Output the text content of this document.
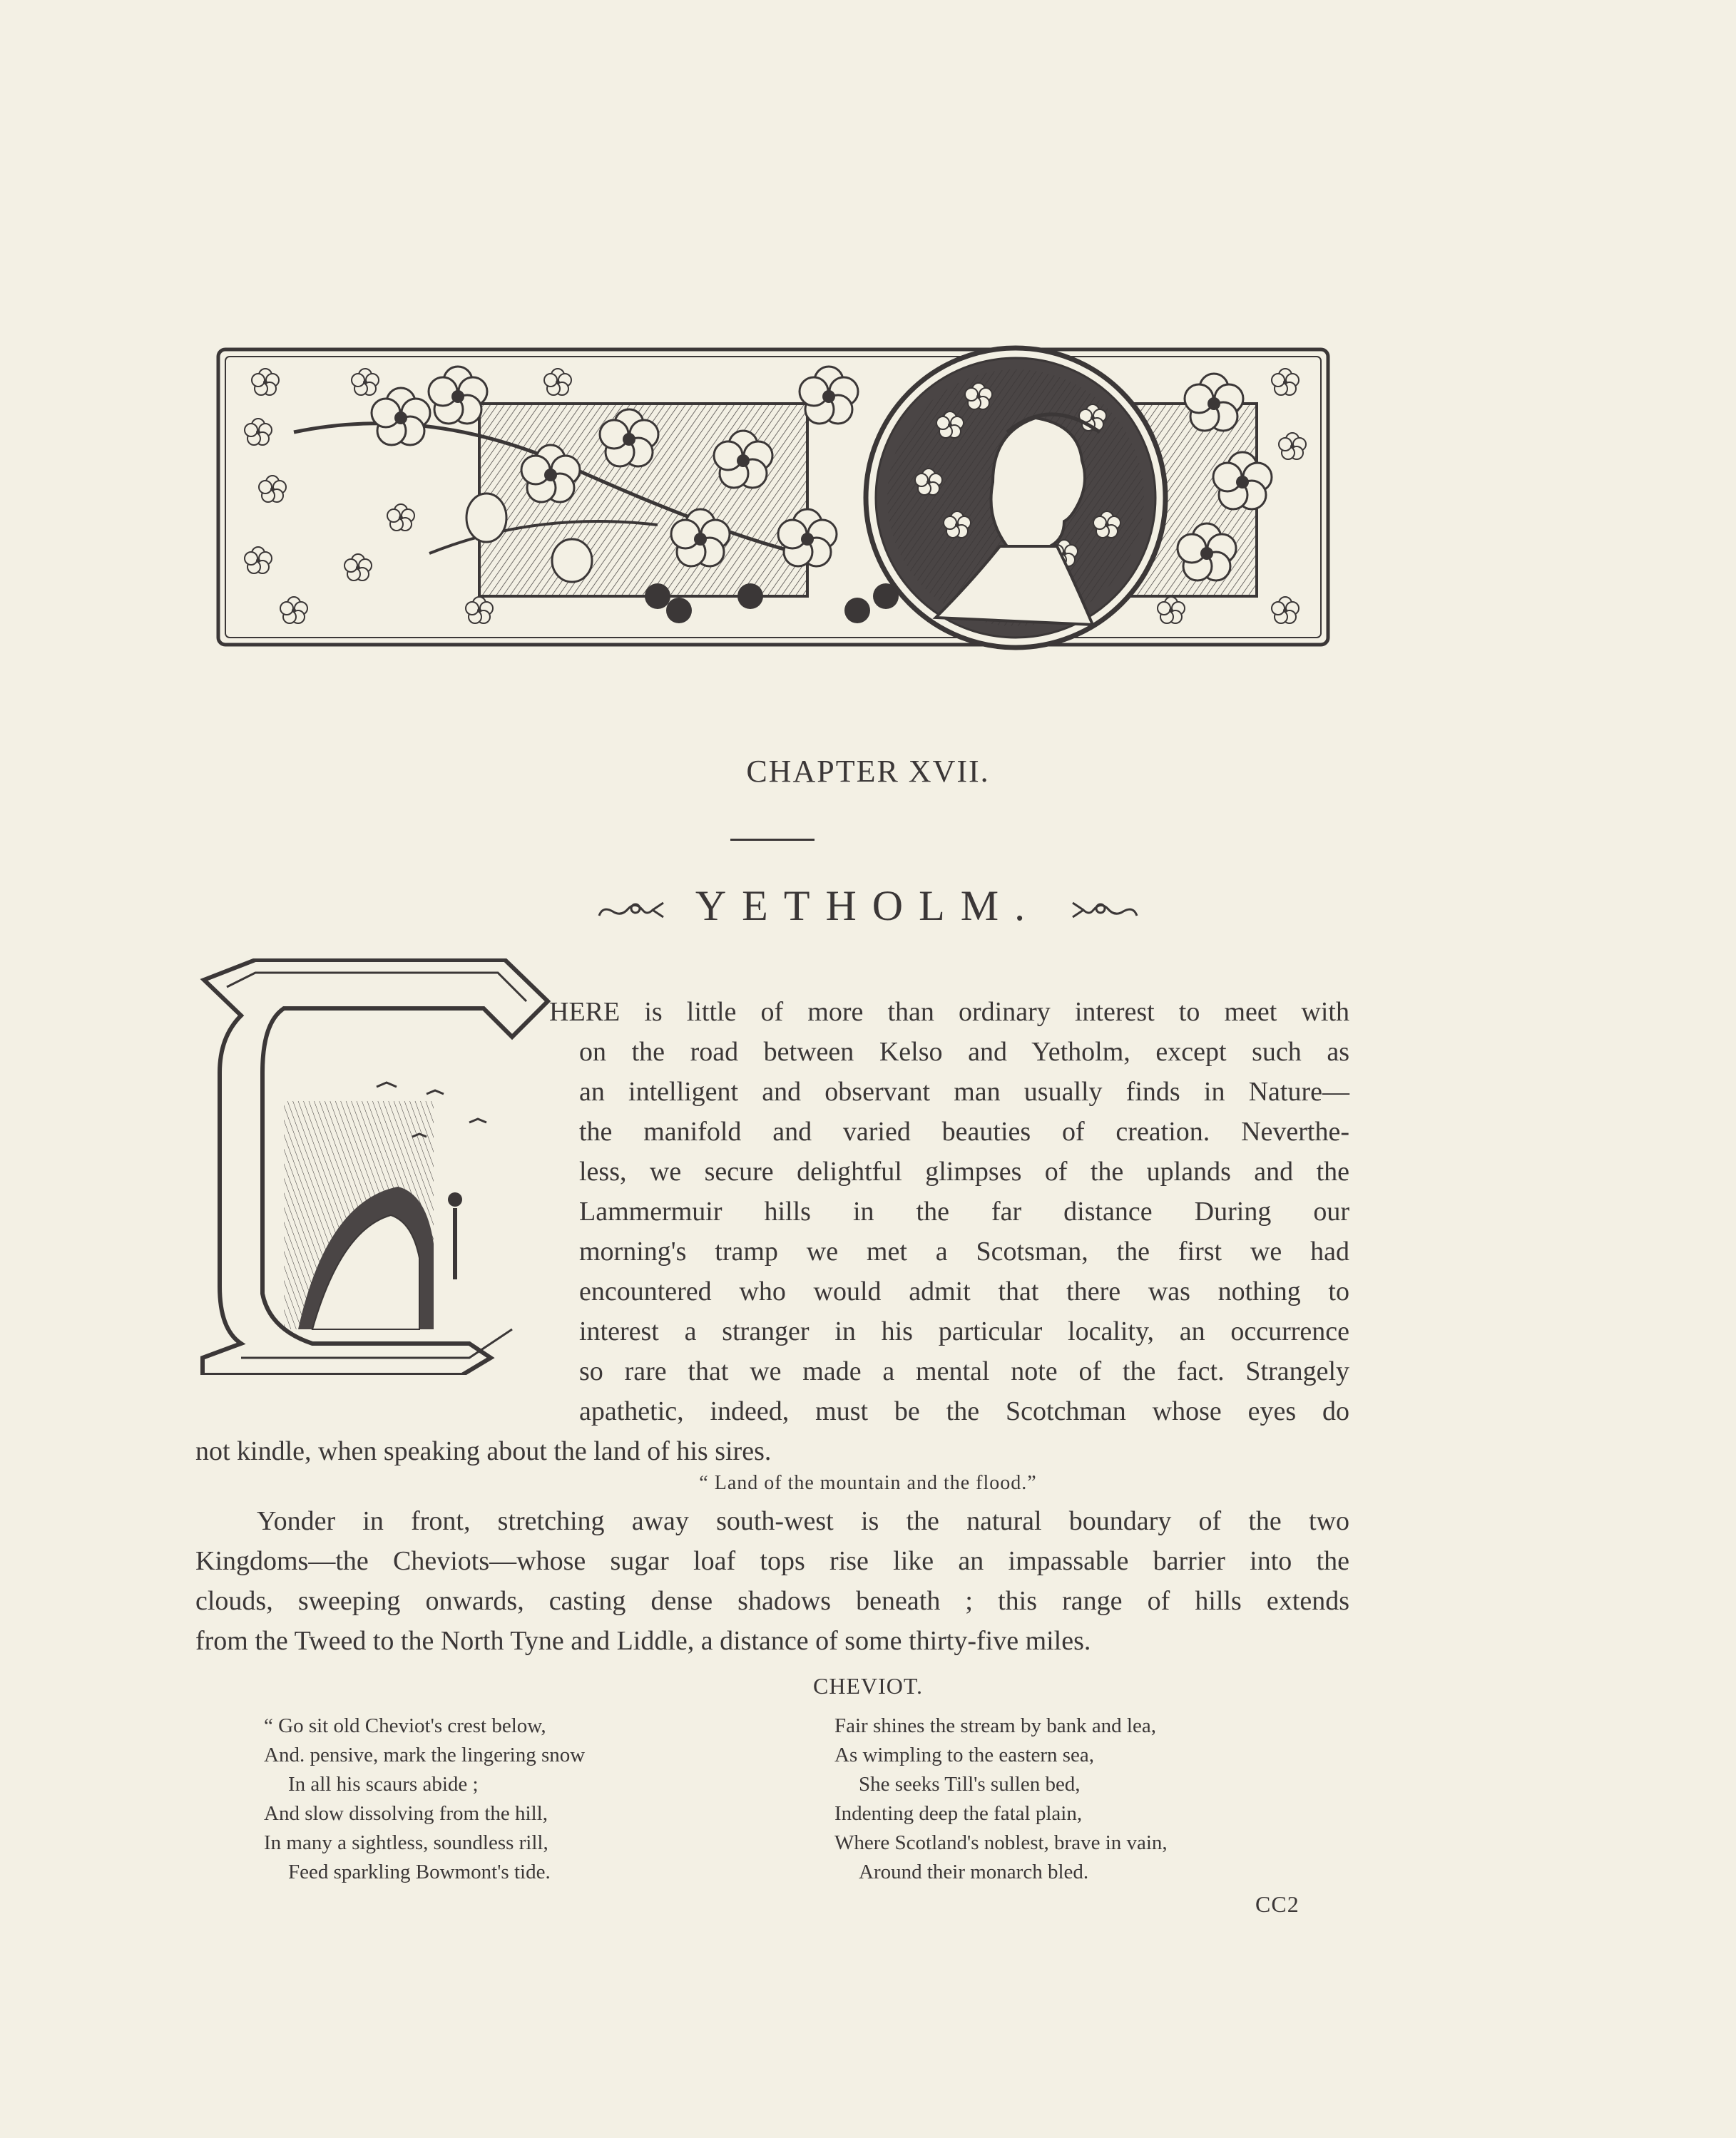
CHAPTER XVII.
YETHOLM.
HERE is little of more than ordinary interest to meet with
on the road between Kelso and Yetholm, except such as
an intelligent and observant man usually finds in Nature—
the manifold and varied beauties of creation. Neverthe-
less, we secure delightful glimpses of the uplands and the
Lammermuir hills in the far distance During our
morning's tramp we met a Scotsman, the first we had
encountered who would admit that there was nothing to
interest a stranger in his particular locality, an occurrence
so rare that we made a mental note of the fact. Strangely
apathetic, indeed, must be the Scotchman whose eyes do
not kindle, when speaking about the land of his sires.
“ Land of the mountain and the flood.”
Yonder in front, stretching away south-west is the natural boundary of the two
Kingdoms—the Cheviots—whose sugar loaf tops rise like an impassable barrier into the
clouds, sweeping onwards, casting dense shadows beneath ; this range of hills extends
from the Tweed to the North Tyne and Liddle, a distance of some thirty-five miles.
CHEVIOT.
“ Go sit old Cheviot's crest below,
And. pensive, mark the lingering snow
In all his scaurs abide ;
And slow dissolving from the hill,
In many a sightless, soundless rill,
Feed sparkling Bowmont's tide.
Fair shines the stream by bank and lea,
As wimpling to the eastern sea,
She seeks Till's sullen bed,
Indenting deep the fatal plain,
Where Scotland's noblest, brave in vain,
Around their monarch bled.
CC2
